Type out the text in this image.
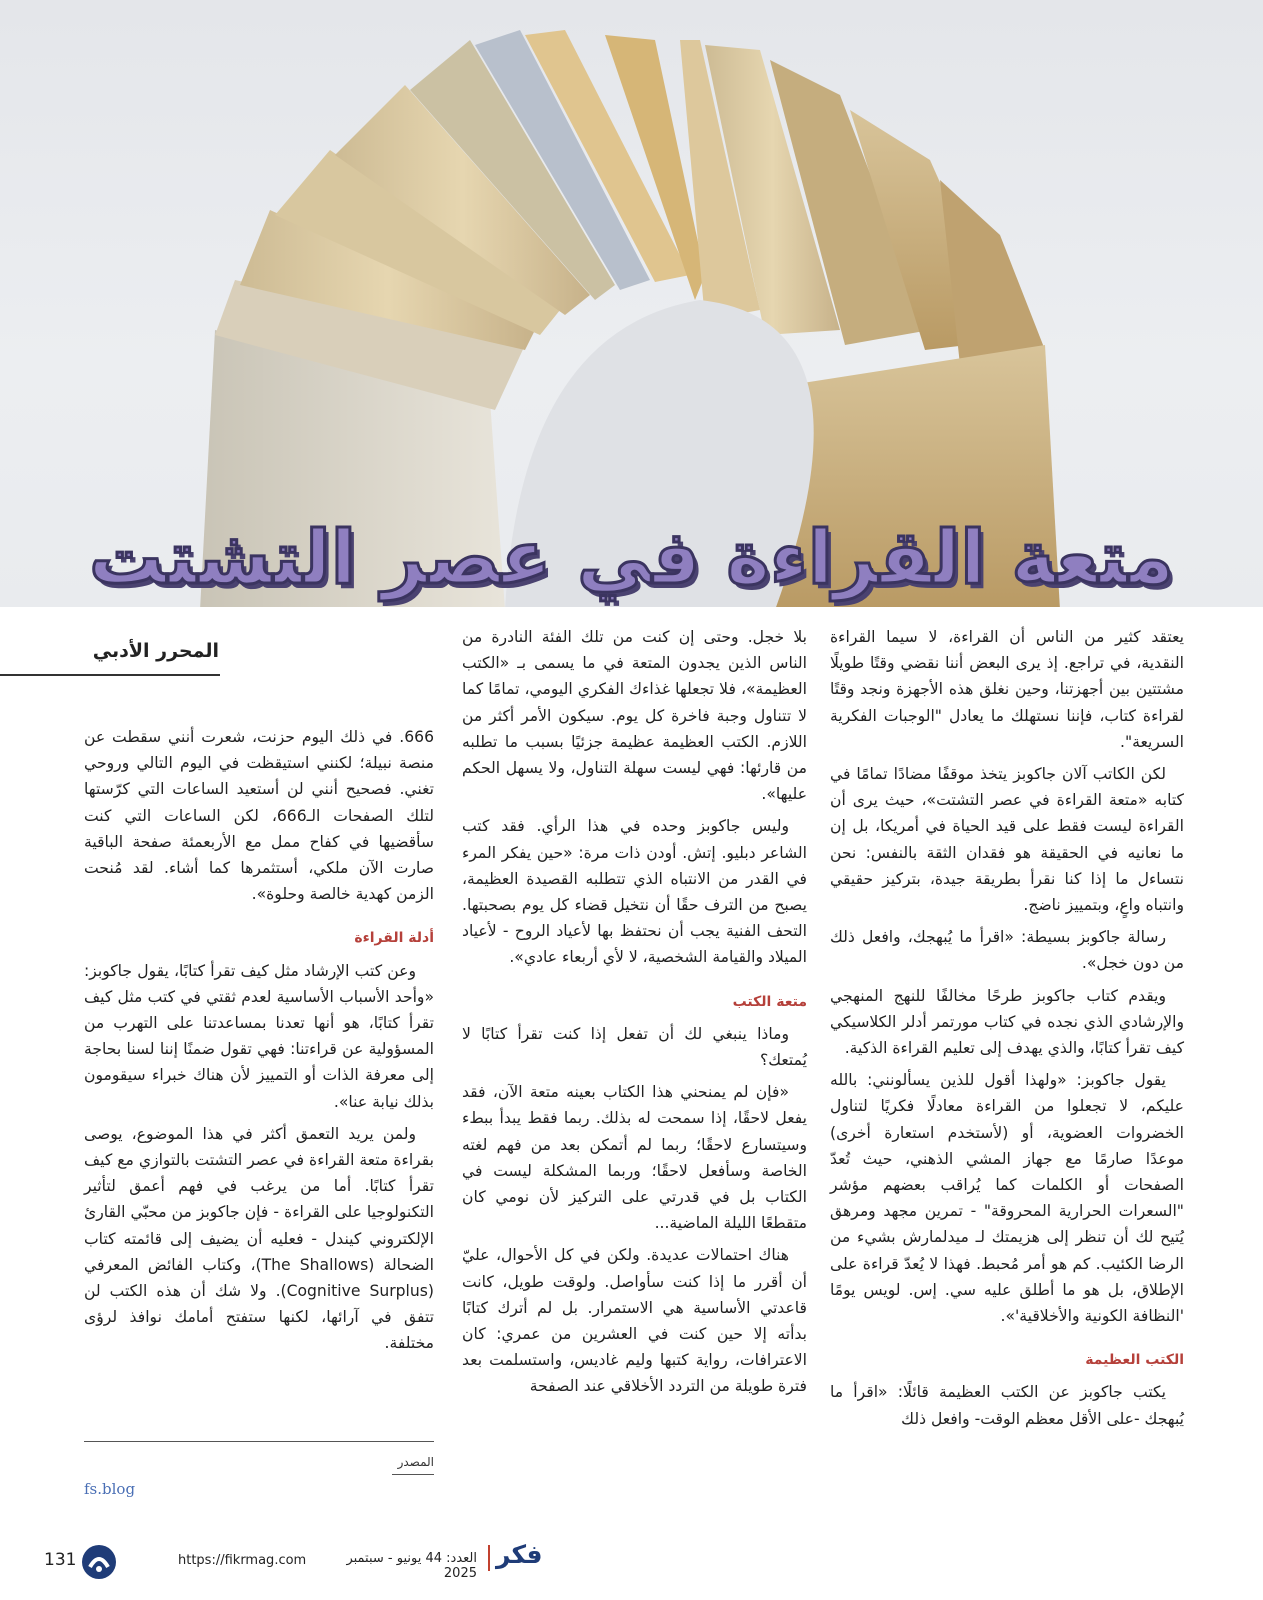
متعة القراءة في عصر التشتت

يعتقد كثير من الناس أن القراءة، لا سيما القراءة النقدية، في تراجع. إذ يرى البعض أننا نقضي وقتًا طويلًا مشتتين بين أجهزتنا، وحين نغلق هذه الأجهزة ونجد وقتًا لقراءة كتاب، فإننا نستهلك ما يعادل "الوجبات الفكرية السريعة".

لكن الكاتب آلان جاكوبز يتخذ موقفًا مضادًا تمامًا في كتابه «متعة القراءة في عصر التشتت»، حيث يرى أن القراءة ليست فقط على قيد الحياة في أمريكا، بل إن ما نعانيه في الحقيقة هو فقدان الثقة بالنفس: نحن نتساءل ما إذا كنا نقرأ بطريقة جيدة، بتركيز حقيقي وانتباه واعٍ، وبتمييز ناضج.

رسالة جاكوبز بسيطة: «اقرأ ما يُبهجك، وافعل ذلك من دون خجل».

ويقدم كتاب جاكوبز طرحًا مخالفًا للنهج المنهجي والإرشادي الذي نجده في كتاب مورتمر أدلر الكلاسيكي كيف تقرأ كتابًا، والذي يهدف إلى تعليم القراءة الذكية.

يقول جاكوبز: «ولهذا أقول للذين يسألونني: بالله عليكم، لا تجعلوا من القراءة معادلًا فكريًا لتناول الخضروات العضوية، أو (لأستخدم استعارة أخرى) موعدًا صارمًا مع جهاز المشي الذهني، حيث تُعدّ الصفحات أو الكلمات كما يُراقب بعضهم مؤشر "السعرات الحرارية المحروقة" - تمرين مجهد ومرهق يُتيح لك أن تنظر إلى هزيمتك لـ ميدلمارش بشيء من الرضا الكئيب. كم هو أمر مُحبط. فهذا لا يُعدّ قراءة على الإطلاق، بل هو ما أطلق عليه سي. إس. لويس يومًا 'النظافة الكونية والأخلاقية'».

الكتب العظيمة

يكتب جاكوبز عن الكتب العظيمة قائلًا: «اقرأ ما يُبهجك -على الأقل معظم الوقت- وافعل ذلك

بلا خجل. وحتى إن كنت من تلك الفئة النادرة من الناس الذين يجدون المتعة في ما يسمى بـ «الكتب العظيمة»، فلا تجعلها غذاءك الفكري اليومي، تمامًا كما لا تتناول وجبة فاخرة كل يوم. سيكون الأمر أكثر من اللازم. الكتب العظيمة عظيمة جزئيًا بسبب ما تطلبه من قارئها: فهي ليست سهلة التناول، ولا يسهل الحكم عليها».

وليس جاكوبز وحده في هذا الرأي. فقد كتب الشاعر دبليو. إتش. أودن ذات مرة: «حين يفكر المرء في القدر من الانتباه الذي تتطلبه القصيدة العظيمة، يصبح من الترف حقًا أن نتخيل قضاء كل يوم بصحبتها. التحف الفنية يجب أن نحتفظ بها لأعياد الروح - لأعياد الميلاد والقيامة الشخصية، لا لأي أربعاء عادي».

متعة الكتب

وماذا ينبغي لك أن تفعل إذا كنت تقرأ كتابًا لا يُمتعك؟

«فإن لم يمنحني هذا الكتاب بعينه متعة الآن، فقد يفعل لاحقًا، إذا سمحت له بذلك. ربما فقط يبدأ ببطء وسيتسارع لاحقًا؛ ربما لم أتمكن بعد من فهم لغته الخاصة وسأفعل لاحقًا؛ وربما المشكلة ليست في الكتاب بل في قدرتي على التركيز لأن نومي كان متقطعًا الليلة الماضية...

هناك احتمالات عديدة. ولكن في كل الأحوال، عليّ أن أقرر ما إذا كنت سأواصل. ولوقت طويل، كانت قاعدتي الأساسية هي الاستمرار. بل لم أترك كتابًا بدأته إلا حين كنت في العشرين من عمري: كان الاعترافات، رواية كتبها وليم غاديس، واستسلمت بعد فترة طويلة من التردد الأخلاقي عند الصفحة

المحرر الأدبي

666. في ذلك اليوم حزنت، شعرت أنني سقطت عن منصة نبيلة؛ لكنني استيقظت في اليوم التالي وروحي تغني. فصحيح أنني لن أستعيد الساعات التي كرّستها لتلك الصفحات الـ666، لكن الساعات التي كنت سأقضيها في كفاح ممل مع الأربعمئة صفحة الباقية صارت الآن ملكي، أستثمرها كما أشاء. لقد مُنحت الزمن كهدية خالصة وحلوة».

أدلة القراءة

وعن كتب الإرشاد مثل كيف تقرأ كتابًا، يقول جاكوبز: «وأحد الأسباب الأساسية لعدم ثقتي في كتب مثل كيف تقرأ كتابًا، هو أنها تعدنا بمساعدتنا على التهرب من المسؤولية عن قراءتنا: فهي تقول ضمنًا إننا لسنا بحاجة إلى معرفة الذات أو التمييز لأن هناك خبراء سيقومون بذلك نيابة عنا».

ولمن يريد التعمق أكثر في هذا الموضوع، يوصى بقراءة متعة القراءة في عصر التشتت بالتوازي مع كيف تقرأ كتابًا. أما من يرغب في فهم أعمق لتأثير التكنولوجيا على القراءة - فإن جاكوبز من محبّي القارئ الإلكتروني كيندل - فعليه أن يضيف إلى قائمته كتاب الضحالة (The Shallows)، وكتاب الفائض المعرفي (Cognitive Surplus). ولا شك أن هذه الكتب لن تتفق في آرائها، لكنها ستفتح أمامك نوافذ لرؤى مختلفة.

المصدر
fs.blog
131	https://fikrmag.com	العدد: 44 يونيو - سبتمبر 2025
فكر
